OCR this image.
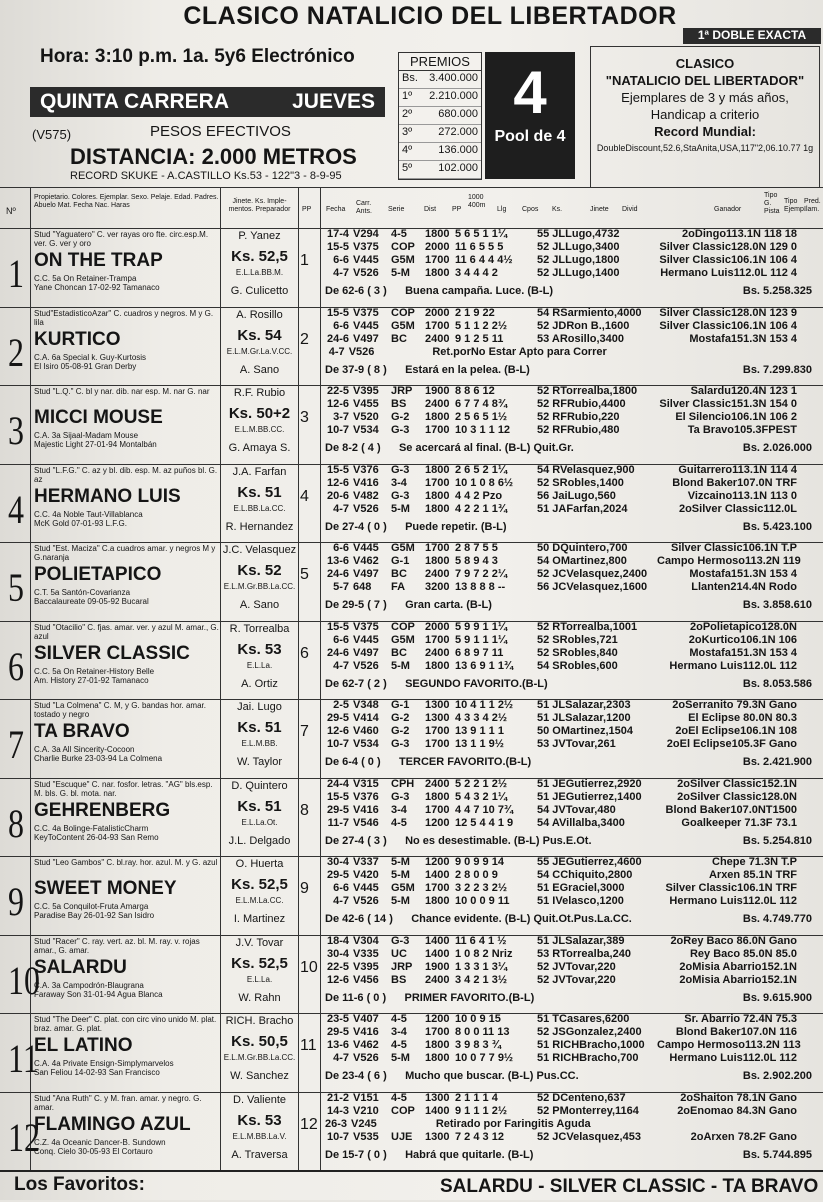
CLASICO NATALICIO DEL LIBERTADOR
1ª DOBLE EXACTA
Hora: 3:10 p.m. 1a. 5y6 Electrónico
QUINTA CARRERA	JUEVES
(V575)	PESOS EFECTIVOS
DISTANCIA: 2.000 METROS
RECORD SKUKE - A.CASTILLO Ks.53 - 122"3 - 8-9-95
PREMIOS
Bs. 3.400.000
1º 2.210.000
2º 680.000
3º 272.000
4º 136.000
5º 102.000
4
Pool de 4
CLASICO
"NATALICIO DEL LIBERTADOR"
Ejemplares de 3 y más años,
Handicap a criterio
Record Mundial:
DoubleDiscount,52.6,StaAnita,USA,117"2,06.10.77 1g
Nº
Propietario. Colores. Ejemplar. Sexo. Pelaje. Edad. Padres. Abuelo Mat. Fecha Nac. Haras
Jinete. Ks. Imple-mentos. Preparador	PP Fecha
Carr. Ants.	Serie	Dist PP
1000 400m
Llg Cpos Ks.	Jinete Divid	Ganador
Tipo G. Pista
Tipo Ejemp.
Pred. Ilam.
1
Stud "Yaguatero" C. ver rayas oro fte. circ.esp.M. ver. G. ver y oro
ON THE TRAP
C.C. 5a On Retainer-Trampa
Yane Choncan 17-02-92 Tamanaco
P. Yanez
Ks. 52,5
E.L.La.BB.M.
G. Culicetto
1
17-4 V294	4-5	1800 5 6 5 1 1¼	55 JLLugo,4732	2oDingo113.1N 118 18
15-5 V375	COP 2000 11 6 5 5 5	52 JLLugo,3400	Silver Classic128.0N 129 0
6-6 V445	G5M 1700 11 6 4 4 4½	52 JLLugo,1800	Silver Classic106.1N 106 4
4-7 V526	5-M	1800 3 4 4 4 2	52 JLLugo,1400	Hermano Luis112.0L 112 4
De 62-6 ( 3 )      Buena campaña. Luce. (B-L)	Bs. 5.258.325
2
Stud"EstadisticoAzar" C. cuadros y negros. M y G. lila
KURTICO
C.A. 6a Special k. Guy-Kurtosis
El Isiro 05-08-91 Gran Derby
A. Rosillo
Ks. 54
E.L.M.Gr.La.V.CC.
A. Sano
2
15-5 V375	COP 2000 2 1 9 22	54 RSarmiento,4000	Silver Classic128.0N 123 9
6-6 V445	G5M 1700 5 1 1 2 2½	52 JDRon B.,1600	Silver Classic106.1N 106 4
24-6 V497	BC	2400 9 1 2 5 11	53 ARosillo,3400	Mostafa151.3N 153 4
4-7 V526	Ret.porNo Estar Apto para Correr
De 37-9 ( 8 )      Estará en la pelea. (B-L)	Bs. 7.299.830
3
Stud "L.Q." C. bl y nar. dib. nar esp. M. nar G. nar
MICCI MOUSE
C.A. 3a Sijaal-Madam Mouse
Majestic Light 27-01-94 Montalbán
R.F. Rubio
Ks. 50+2
E.L.M.BB.CC.
G. Amaya S.
3
22-5 V395	JRP	1900 8 8 6 12	52 RTorrealba,1800	Salardu120.4N 123 1
12-6 V455	BS	2400 6 7 7 4 8¾	52 RFRubio,4400	Silver Classic151.3N 154 0
3-7 V520	G-2	1800 2 5 6 5 1½	52 RFRubio,220	El Silencio106.1N 106 2
10-7 V534	G-3	1700 10 3 1 1 12	52 RFRubio,480	Ta Bravo105.3FPEST
De 8-2 ( 4 )      Se acercará al final. (B-L) Quit.Gr.	Bs. 2.026.000
4
Stud "L.F.G." C. az y bl. dib. esp. M. az puños bl. G. az
HERMANO LUIS
C.C. 4a Noble Taut-Villablanca
McK Gold 07-01-93 L.F.G.
J.A. Farfan
Ks. 51
E.L.BB.La.CC.
R. Hernandez
4
15-5 V376	G-3	1800 2 6 5 2 1¼	54 RVelasquez,900	Guitarrero113.1N 114 4
12-6 V416	3-4	1700 10 1 0 8 6½	52 SRobles,1400	Blond Baker107.0N TRF
20-6 V482	G-3	1800 4 4 2 Pzo	56 JaiLugo,560	Vizcaino113.1N 113 0
4-7 V526	5-M	1800 4 2 2 1 1¾	51 JAFarfan,2024	2oSilver Classic112.0L
De 27-4 ( 0 )      Puede repetir. (B-L)	Bs. 5.423.100
5
Stud "Est. Maciza" C.a cuadros amar. y negros M y G.naranja
POLIETAPICO
C.T. 5a Santón-Covarianza
Baccalaureate 09-05-92 Bucaral
J.C. Velasquez
Ks. 52
E.L.M.Gr.BB.La.CC.
A. Sano
5
6-6 V445	G5M 1700 2 8 7 5 5	50 DQuintero,700	Silver Classic106.1N T.P
13-6 V462	G-1	1800 5 8 9 4 3	54 OMartinez,800	Campo Hermoso113.2N 119
24-6 V497	BC	2400 7 9 7 2 2¼	52 JCVelasquez,2400	Mostafa151.3N 153 4
5-7 648	FA	3200 13 8 8 8 --	56 JCVelasquez,1600	Llanten214.4N Rodo
De 29-5 ( 7 )      Gran carta. (B-L)	Bs. 3.858.610
6
Stud "Otacilio" C. fjas. amar. ver. y azul M. amar., G. azul
SILVER CLASSIC
C.C. 5a On Retainer-History Belle
Am. History 27-01-92 Tamanaco
R. Torrealba
Ks. 53
E.L.La.
A. Ortiz
6
15-5 V375	COP 2000 5 9 9 1 1¼	52 RTorrealba,1001	2oPolietapico128.0N
6-6 V445	G5M 1700 5 9 1 1 1¼	52 SRobles,721	2oKurtico106.1N 106
24-6 V497	BC	2400 6 8 9 7 11	52 SRobles,840	Mostafa151.3N 153 4
4-7 V526	5-M	1800 13 6 9 1 1¾	54 SRobles,600	Hermano Luis112.0L 112
De 62-7 ( 2 )      SEGUNDO FAVORITO.(B-L)	Bs. 8.053.586
7
Stud "La Colmena" C. M, y G. bandas hor. amar. tostado y negro
TA BRAVO
C.A. 3a All Sincerity-Cocoon
Charlie Burke 23-03-94 La Colmena
Jai. Lugo
Ks. 51
E.L.M.BB.
W. Taylor
7
2-5 V348	G-1	1300 10 4 1 1 2½	51 JLSalazar,2303	2oSerranito 79.3N Gano
29-5 V414	G-2	1300 4 3 3 4 2½	51 JLSalazar,1200	El Eclipse 80.0N 80.3
12-6 V460	G-2	1700 13 9 1 1 1	50 OMartinez,1504	2oEl Eclipse106.1N 108
10-7 V534	G-3	1700 13 1 1 9½	53 JVTovar,261	2oEl Eclipse105.3F Gano
De 6-4 ( 0 )      TERCER FAVORITO.(B-L)	Bs. 2.421.900
8
Stud "Escuque" C. nar. fosfor. letras. "AG" bls.esp. M. bls. G. bl. mota. nar.
GEHRENBERG
C.C. 4a Bolinge-FatalisticCharm
KeyToContent 26-04-93 San Remo
D. Quintero
Ks. 51
E.L.La.Ot.
J.L. Delgado
8
24-4 V315	CPH 2400 5 2 2 1 2½	51 JEGutierrez,2920	2oSilver Classic152.1N
15-5 V376	G-3	1800 5 4 3 2 1¼	51 JEGutierrez,1400	2oSilver Classic128.0N
29-5 V416	3-4	1700 4 4 7 10 7¾	54 JVTovar,480	Blond Baker107.0NT1500
11-7 V546	4-5	1200 12 5 4 4 1 9	54 AVillalba,3400	Goalkeeper 71.3F 73.1
De 27-4 ( 3 )      No es desestimable. (B-L) Pus.E.Ot.	Bs. 5.254.810
9
Stud "Leo Gambos" C. bl.ray. hor. azul. M. y G. azul
SWEET MONEY
C.C. 5a Conquilot-Fruta Amarga
Paradise Bay 26-01-92 San Isidro
O. Huerta
Ks. 52,5
E.L.M.La.CC.
I. Martinez
9
30-4 V337	5-M	1200 9 0 9 9 14	55 JEGutierrez,4600	Chepe 71.3N T.P
29-5 V420	5-M	1400 2 8 0 0 9	54 CChiquito,2800	Arxen 85.1N TRF
6-6 V445	G5M 1700 3 2 2 3 2½	51 EGraciel,3000	Silver Classic106.1N TRF
4-7 V526	5-M	1800 10 0 0 9 11	51 IVelasco,1200	Hermano Luis112.0L 112
De 42-6 ( 14 )      Chance evidente. (B-L) Quit.Ot.Pus.La.CC.	Bs. 4.749.770
10
Stud "Racer" C. ray. vert. az. bl. M. ray. v. rojas amar., G. amar.
SALARDU
C.A. 3a Campodrón-Blaugrana
Faraway Son 31-01-94 Agua Blanca
J.V. Tovar
Ks. 52,5
E.L.La.
W. Rahn
10
18-4 V304	G-3	1400 11 6 4 1 ½	51 JLSalazar,389	2oRey Baco 86.0N Gano
30-4 V335	UC	1400 1 0 8 2 Nriz	53 RTorrealba,240	Rey Baco 85.0N 85.0
22-5 V395	JRP	1900 1 3 3 1 3¼	52 JVTovar,220	2oMisia Abarrio152.1N
12-6 V456	BS	2400 3 4 2 1 3½	52 JVTovar,220	2oMisia Abarrio152.1N
De 11-6 ( 0 )      PRIMER FAVORITO.(B-L)	Bs. 9.615.900
11
Stud "The Deer" C. plat. con circ vino unido M. plat. braz. amar. G. plat.
EL LATINO
C.A. 4a Private Ensign-Simplymarvelos
San Feliou 14-02-93 San Francisco
RICH. Bracho
Ks. 50,5
E.L.M.Gr.BB.La.CC.
W. Sanchez
11
23-5 V407	4-5	1200 10 0 9 15	51 TCasares,6200	Sr. Abarrio 72.4N 75.3
29-5 V416	3-4	1700 8 0 0 11 13	52 JSGonzalez,2400	Blond Baker107.0N 116
13-6 V462	4-5	1800 3 9 8 3 ¾	51 RICHBracho,1000	Campo Hermoso113.2N 113
4-7 V526	5-M	1800 10 0 7 7 9½	51 RICHBracho,700	Hermano Luis112.0L 112
De 23-4 ( 6 )      Mucho que buscar. (B-L) Pus.CC.	Bs. 2.902.200
12
Stud "Ana Ruth" C. y M. fran. amar. y negro. G. amar.
FLAMINGO AZUL
C.Z. 4a Oceanic Dancer-B. Sundown
Conq. Cielo 30-05-93 El Cortauro
D. Valiente
Ks. 53
E.L.M.BB.La.V.
A. Traversa
12
21-2 V151	4-5	1300 2 1 1 1 4	52 DCenteno,637	2oShaiton 78.1N Gano
14-3 V210	COP 1400 9 1 1 1 2½	52 PMonterrey,1164	2oEnomao 84.3N Gano
26-3 V245	Retirado por Faringitis Aguda
10-7 V535	UJE	1300 7 2 4 3 12	52 JCVelasquez,453	2oArxen 78.2F Gano
De 15-7 ( 0 )      Habrá que quitarle. (B-L)	Bs. 5.744.895
Los Favoritos:	SALARDU - SILVER CLASSIC - TA BRAVO
